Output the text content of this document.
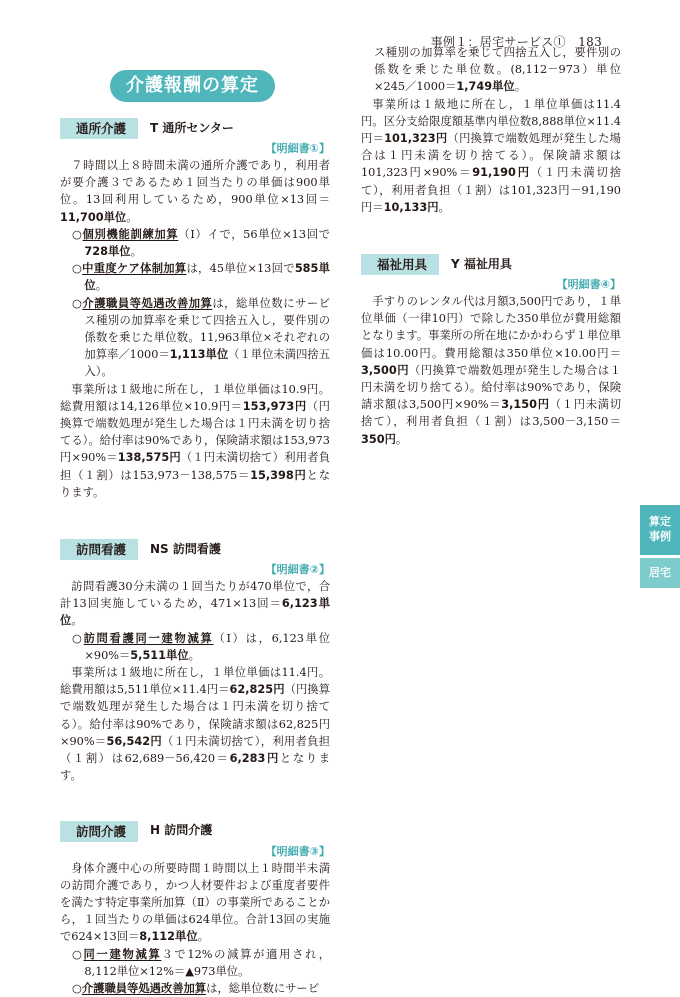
事例１：居宅サービス①　183
介護報酬の算定
通所介護	T 通所センター
【明細書①】

７時間以上８時間未満の通所介護であり，利用者が要介護３であるため１回当たりの単価は900単位。13回利用しているため，900単位×13回＝11,700単位。

○個別機能訓練加算（Ⅰ）イで，56単位×13回で728単位。
○中重度ケア体制加算は，45単位×13回で585単位。
○介護職員等処遇改善加算は，総単位数にサービス種別の加算率を乗じて四捨五入し，要件別の係数を乗じた単位数。11,963単位×それぞれの加算率／1000＝1,113単位（１単位未満四捨五入）。

事業所は１級地に所在し，１単位単価は10.9円。総費用額は14,126単位×10.9円＝153,973円（円換算で端数処理が発生した場合は１円未満を切り捨てる）。給付率は90%であり，保険請求額は153,973円×90%＝138,575円（１円未満切捨て）利用者負担（１割）は153,973－138,575＝15,398円となります。

訪問看護	NS 訪問看護
【明細書②】

訪問看護30分未満の１回当たりが470単位で，合計13回実施しているため，471×13回＝6,123単位。

○訪問看護同一建物減算（Ⅰ）は，6,123単位×90%＝5,511単位。

事業所は１級地に所在し，１単位単価は11.4円。総費用額は5,511単位×11.4円＝62,825円（円換算で端数処理が発生した場合は１円未満を切り捨てる）。給付率は90%であり，保険請求額は62,825円×90%＝56,542円（１円未満切捨て），利用者負担（１割）は62,689－56,420＝6,283円となります。

訪問介護	H 訪問介護
【明細書③】

身体介護中心の所要時間１時間以上１時間半未満の訪問介護であり，かつ人材要件および重度者要件を満たす特定事業所加算（Ⅱ）の事業所であることから，１回当たりの単価は624単位。合計13回の実施で624×13回＝8,112単位。

○同一建物減算３で12%の減算が適用され，8,112単位×12%＝▲973単位。
○介護職員等処遇改善加算は，総単位数にサービ

ス種別の加算率を乗じて四捨五入し，要件別の係数を乗じた単位数。(8,112－973）単位×245／1000＝1,749単位。

事業所は１級地に所在し，１単位単価は11.4円。区分支給限度額基準内単位数8,888単位×11.4円＝101,323円（円換算で端数処理が発生した場合は１円未満を切り捨てる）。保険請求額は101,323円×90%＝91,190円（１円未満切捨て），利用者負担（１割）は101,323円－91,190円＝10,133円。

福祉用具	Y 福祉用具
【明細書④】

手すりのレンタル代は月額3,500円であり，１単位単価（一律10円）で除した350単位が費用総額となります。事業所の所在地にかかわらず１単位単価は10.00円。費用総額は350単位×10.00円＝3,500円（円換算で端数処理が発生した場合は１円未満を切り捨てる）。給付率は90%であり，保険請求額は3,500円×90%＝3,150円（１円未満切捨て），利用者負担（１割）は3,500－3,150＝350円。

算定
事例
居宅
